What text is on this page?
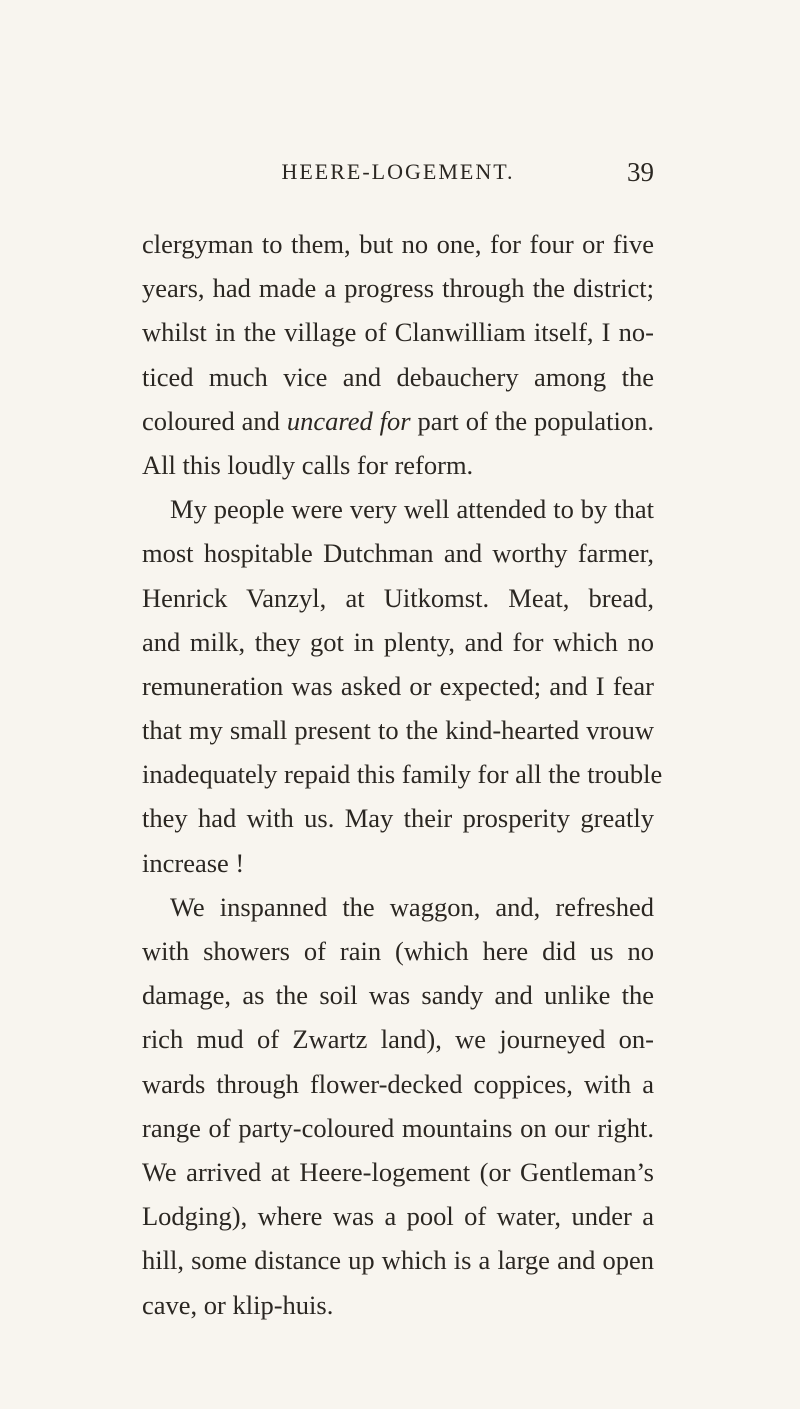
HEERE-LOGEMENT.	39
clergyman to them, but no one, for four or five
years, had made a progress through the district;
whilst in the village of Clanwilliam itself, I no-
ticed much vice and debauchery among the
coloured and uncared for part of the population.
All this loudly calls for reform.
My people were very well attended to by that
most hospitable Dutchman and worthy farmer,
Henrick Vanzyl, at Uitkomst. Meat, bread,
and milk, they got in plenty, and for which no
remuneration was asked or expected; and I fear
that my small present to the kind-hearted vrouw
inadequately repaid this family for all the trouble
they had with us. May their prosperity greatly
increase !
We inspanned the waggon, and, refreshed
with showers of rain (which here did us no
damage, as the soil was sandy and unlike the
rich mud of Zwartz land), we journeyed on-
wards through flower-decked coppices, with a
range of party-coloured mountains on our right.
We arrived at Heere-logement (or Gentleman’s
Lodging), where was a pool of water, under a
hill, some distance up which is a large and open
cave, or klip-huis.
